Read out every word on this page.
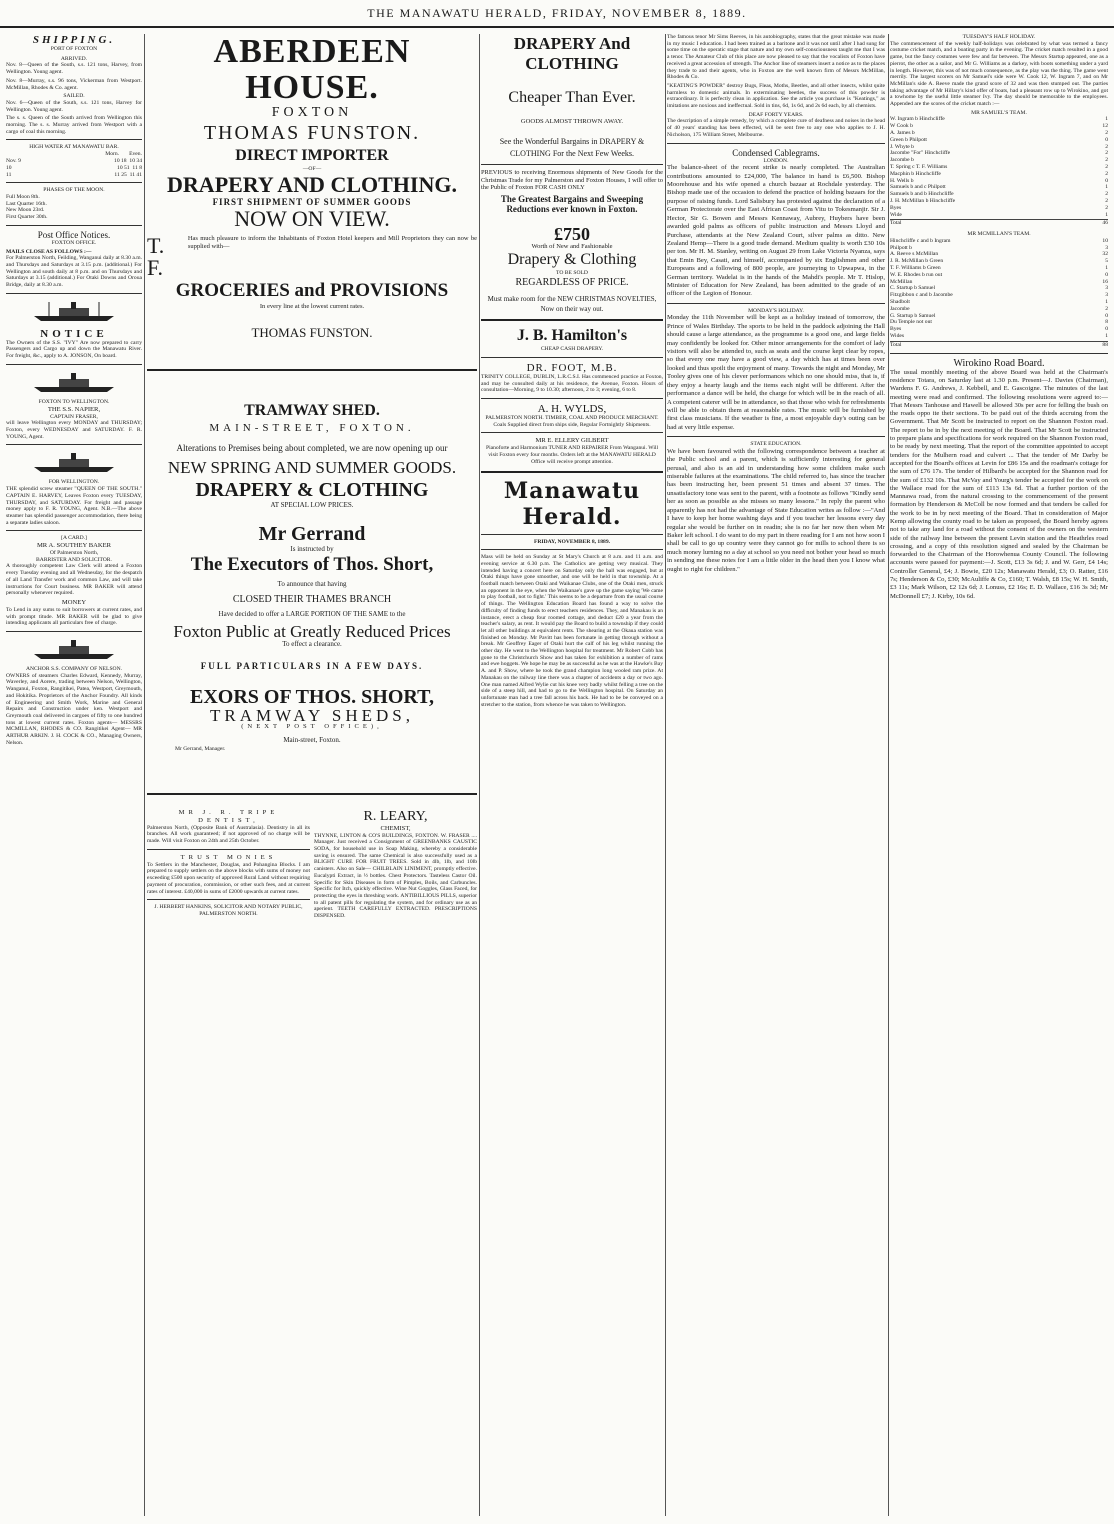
THE MANAWATU HERALD, FRIDAY, NOVEMBER 8, 1889.
SHIPPING.
PORT OF FOXTON
ARRIVED.

Nov. 8—Queen of the South, s.s. 121 tons, Harvey, from Wellington. Young agent.

Nov. 8—Murray, s.s. 96 tons, Vickerman from Westport. McMillan, Rhodes & Co. agent.

SAILED.

Nov. 6—Queen of the South, s.s. 121 tons, Harvey for Wellington. Young agent.

The s. s. Queen of the South arrived from Wellington this morning. The s. s. Murray arrived from Westport with a cargo of coal this morning.

HIGH WATER AT MANAWATU BAR.
Morn. Even.
Nov. 9	10 18 10 34
10	10 51 11 8
11	11 25 11 41
PHASES OF THE MOON.
Full Moon 8th.
Last Quarter 16th.
New Moon 23rd.
First Quarter 30th.
Post Office Notices.
FOXTON OFFICE.
MAILS CLOSE AS FOLLOWS :—

For Palmerston North, Feilding, Wanganui daily at 8.30 a.m. and Thursdays and Saturdays at 3.15 p.m. (additional.) For Wellington and south daily at 8 p.m. and on Thursdays and Saturdays at 3.15 (additional.) For Otaki Downs and Oroua Bridge, daily at 8.30 a.m.

NOTICE

The Owners of the S.S. "IVY" Are now prepared to carry Passengers and Cargo up and down the Manawatu River. For freight, &c., apply to A. JONSON, On board.

FOXTON TO WELLINGTON.
THE S.S. NAPIER,
CAPTAIN FRASER,

will leave Wellington every MONDAY and THURSDAY; Foxton, every WEDNESDAY and SATURDAY. F. R. YOUNG, Agent.

FOR WELLINGTON.

THE splendid screw steamer "QUEEN OF THE SOUTH." CAPTAIN E. HARVEY, Leaves Foxton every TUESDAY, THURSDAY, and SATURDAY. For freight and passage money apply to F. R. YOUNG, Agent. N.B.—The above steamer has splendid passenger accommodation, there being a separate ladies saloon.

[A CARD.]
MR A. SOUTHEY BAKER
Of Palmerston North,
BARRISTER AND SOLICITOR.

A thoroughly competent Law Clerk will attend a Foxton every Tuesday evening and all Wednesday, for the despatch of all Land Transfer work and common Law, and will take instructions for Court business. MR BAKER will attend personally whenever required.

MONEY

To Lend in any sums to suit borrowers at current rates, and with prompt titude. MR BAKER will be glad to give intending applicants all particulars free of charge.

ANCHOR S.S. COMPANY OF NELSON.

OWNERS of steamers Charles Edward, Kennedy, Murray, Waverley, and Aorere, trading between Nelson, Wellington, Wanganui, Foxton, Rangitikei, Patea, Westport, Greymouth, and Hokitika. Proprietors of the Anchor Foundry. All kinds of Engineering and Smith Work, Marine and General Repairs and Construction under ken. Westport and Greymouth coal delivered in cargoes of fifty to one hundred tons at lowest current rates. Foxton agents— MESSRS MCMILLAN, RHODES & CO. Rangitikei Agent— MR ARTHUR ARKIN. J. H. COCK & CO., Managing Owners, Nelson.

ABERDEEN HOUSE.
FOXTON
THOMAS FUNSTON.
DIRECT IMPORTER
—OF—
DRAPERY AND CLOTHING.
FIRST SHIPMENT OF SUMMER GOODS
NOW ON VIEW.
T. F.

Has much pleasure to inform the Inhabitants of Foxton Hotel keepers and Mill Proprietors they can now be supplied with—

GROCERIES and PROVISIONS
In every line at the lowest current rates.
THOMAS FUNSTON.
TRAMWAY SHED.
MAIN-STREET, FOXTON.
Alterations to Premises being about completed, we are now opening up our
NEW SPRING AND SUMMER GOODS.
DRAPERY & CLOTHING
AT SPECIAL LOW PRICES.
Mr Gerrand
Is instructed by
The Executors of Thos. Short,
To announce that having
CLOSED THEIR THAMES BRANCH
Have decided to offer a LARGE PORTION OF THE SAME to the
Foxton Public at Greatly Reduced Prices
To effect a clearance.
FULL PARTICULARS IN A FEW DAYS.
EXORS OF THOS. SHORT,
TRAMWAY SHEDS,
(NEXT POST OFFICE),
Main-street, Foxton.
Mr Gerrand, Manager.
MR J. R. TRIPE
DENTIST,

Palmerston North, (Opposite Bank of Australasia). Dentistry in all its branches. All work guaranteed; if not approved of no charge will be made. Will visit Foxton on 24th and 25th October.

TRUST MONIES

To Settlers in the Manchester, Douglas, and Pohangina Blocks. I am prepared to supply settlers on the above blocks with sums of money not exceeding £500 upon security of approved Rural Land without requiring payment of procuration, commission, or other such fees, and at current rates of interest. £40,000 in sums of £2000 upwards at current rates.

J. HERBERT HANKINS, SOLICITOR AND NOTARY PUBLIC, PALMERSTON NORTH.

R. LEARY,
CHEMIST,

THYNNE, LINTON & CO'S BUILDINGS, FOXTON. W. FRASER .... Manager. Just received a Consignment of GREENBANKS CAUSTIC SODA, for household use in Soap Making, whereby a considerable saving is ensured. The same Chemical is also successfully used as a BLIGHT CURE FOR FRUIT TREES. Sold in 4lb, 1lb, and 10lb canisters. Also on Sale— CHILBLAIN LINIMENT, promptly effective. Eucalypti Extract, in ½ bottles. Chest Protectors. Tasteless Castor Oil. Specific for Skin Diseases in form of Pimples, Boils, and Carbuncles. Specific for Itch, quickly effective. Wine Nut Goggles, Glass Faced, for protecting the eyes in threshing work. ANTIBILLIOUS PILLS, superior to all patent pills for regulating the system, and for ordinary use as an aperient. TEETH CAREFULLY EXTRACTED. PRESCRIPTIONS DISPENSED.

DRAPERY And CLOTHING
Cheaper Than Ever.
GOODS ALMOST THROWN AWAY.
See the Wonderful Bargains in DRAPERY & CLOTHING For the Next Few Weeks.

PREVIOUS to receiving Enormous shipments of New Goods for the Christmas Trade for my Palmerston and Foxton Houses, I will offer to the Public of Foxton FOR CASH ONLY

The Greatest Bargains and Sweeping Reductions ever known in Foxton.
£750
Worth of New and Fashionable
Drapery & Clothing
TO BE SOLD
REGARDLESS OF PRICE.
Must make room for the NEW CHRISTMAS NOVELTIES, Now on their way out.
J. B. Hamilton's
CHEAP CASH DRAPERY.
DR. FOOT, M.B.

TRINITY COLLEGE, DUBLIN, L.R.C.S.I. Has commenced practice at Foxton, and may be consulted daily at his residence, the Avenue, Foxton. Hours of consultation—Morning, 9 to 10.30; afternoon, 2 to 3; evening, 6 to 8.

A. H. WYLDS,

PALMERSTON NORTH. TIMBER, COAL AND PRODUCE MERCHANT. Coals Supplied direct from ships side, Regular Fortnightly Shipments.

MR E. ELLERY GILBERT

Pianoforte and Harmonium TUNER AND REPAIRER From Wanganui. Will visit Foxton every four months. Orders left at the MANAWATU HERALD Office will receive prompt attention.

Manawatu Herald.
FRIDAY, NOVEMBER 8, 1889.

Mass will be held on Sunday at St Mary's Church at 8 a.m. and 11 a.m. and evening service at 6.30 p.m. The Catholics are getting very musical. They intended having a concert here on Saturday only the hall was engaged, but at Otaki things have gone smoother, and one will be held in that township. At a football match between Otaki and Waikanae Clubs, one of the Otaki men, struck an opponent in the eye, when the Waikanae's gave up the game saying 'We came to play football, not to fight.' This seems to be a departure from the usual course of things. The Wellington Education Board has found a way to solve the difficulty of finding funds to erect teachers residences. They, and Manakau is an instance, erect a cheap four roomed cottage, and deduct £20 a year from the teacher's salary, as rent. It would pay the Board to build a township if they could let all other buildings at equivalent rents. The shearing at the Okaua station was finished on Monday. Mr Pavitt has been fortunate in getting through without a break. Mr Geoffrey Eager of Otaki hurt the calf of his leg whilst running the other day. He went to the Wellington hospital for treatment. Mr Robert Cobb has gone to the Christchurch Show and has taken for exhibition a number of rams and ewe hoggets. We hope he may be as successful as he was at the Hawke's Bay A. and P. Show, where he took the grand champion long wooled ram prize. At Manakau on the railway line there was a chapter of accidents a day or two ago. One man named Alfred Wylie cut his knee very badly whilst felling a tree on the side of a steep hill, and had to go to the Wellington hospital. On Saturday an unfortunate man had a tree fall across his back. He had to be be conveyed on a stretcher to the station, from whence he was taken to Wellington.

The famous tenor Mr Sims Reeves, in his autobiography, states that the great mistake was made in my music I education. I had been trained as a baritone and it was not until after I had sung for some time on the operatic stage that nature and my own self-consciousness taught me that I was a tenor. The Amateur Club of this place are now pleased to say that the vocalists of Foxton have received a great accession of strength. The Anchor line of steamers insert a notice as to the places they trade to and their agents, who in Foxton are the well known firm of Messrs McMillan, Rhodes & Co.

"KEATING'S POWDER" destroy Bugs, Fleas, Moths, Beetles, and all other insects, whilst quite harmless to domestic animals. In exterminating beetles, the success of this powder is extraordinary. It is perfectly clean in application. See the article you purchase is "Keatings," as imitations are noxious and ineffectual. Sold in tins, 6d, 1s 6d, and 2s 6d each, by all chemists.

DEAF FORTY YEARS.

The description of a simple remedy, by which a complete cure of deafness and noises in the head of 40 years' standing has been effected, will be sent free to any one who applies to J. H. Nicholson, 175 William Street, Melbourne.

Condensed Cablegrams.
LONDON.

The balance-sheet of the recent strike is nearly completed. The Australian contributions amounted to £24,000, The balance in hand is £6,500. Bishop Moorehouse and his wife opened a church bazaar at Rochdale yesterday. The Bishop made use of the occasion to defend the practice of holding bazaars for the purpose of raising funds. Lord Salisbury has protested against the declaration of a German Protectorate over the East African Coast from Vitu to Tokesmanjir. Sir J. Hector, Sir G. Bowen and Messrs Kennaway, Aubrey, Huybers have been awarded gold palms as officers of public instruction and Messrs Lloyd and Purchase, attendants at the New Zealand Court, silver palms as ditto. New Zealand Hemp—There is a good trade demand. Medium quality is worth £30 10s per ton. Mr H. M. Stanley, writing on August 29 from Lake Victoria Nyanza, says that Emin Bey, Casati, and himself, accompanied by six Englishmen and other Europeans and a following of 800 people, are journeying to Upwapwa, in the German territory. Wadelai is in the hands of the Mahdi's people. Mr T. Hislop, Minister of Education for New Zealand, has been admitted to the grade of an officer of the Legion of Honour.

MONDAY'S HOLIDAY.

Monday the 11th November will be kept as a holiday instead of tomorrow, the Prince of Wales Birthday. The sports to be held in the paddock adjoining the Hall should cause a large attendance, as the programme is a good one, and large fields may confidently be looked for. Other minor arrangements for the comfort of lady visitors will also be attended to, such as seats and the course kept clear by ropes, so that every one may have a good view, a day which has at times been over looked and thus spoilt the enjoyment of many. Towards the night and Monday, Mr Tooley gives one of his clever performances which no one should miss, that is, if they enjoy a hearty laugh and the items each night will be different. After the performance a dance will be held, the charge for which will be in the reach of all. A competent caterer will be in attendance, so that those who wish for refreshments will be able to obtain them at reasonable rates. The music will be furnished by first class musicians. If the weather is fine, a most enjoyable day's outing can be had at very little expense.

STATE EDUCATION.

We have been favoured with the following correspondence between a teacher at the Public school and a parent, which is sufficiently interesting for general perusal, and also is an aid in understanding how some children make such miserable failures at the examinations. The child referred to, has since the teacher has been instructing her, been present 51 times and absent 37 times. The unsatisfactory tone was sent to the parent, with a footnote as follows "Kindly send her as soon as possible as she misses so many lessons." In reply the parent who apparently has not had the advantage of State Education writes as follow :—"And I have to keep her home washing days and if you teacher her lessons every day regular she would be further on in readin; she is no far her now then when Mr Baker left school. I do want to do my part in there reading for I am not how soon I shall be call to go up country were they cannot go for mills to school there is so much money lurning no a day at school so you need not bother your head so much in sending me these notes for I am a little older in the head then you I know what ought to right for children."

TUESDAY'S HALF HOLIDAY.

The commencement of the weekly half-holidays was celebrated by what was termed a fancy costume cricket match, and a boating party in the evening. The cricket match resulted in a good game, but the fancy costumes were few and far between. The Messrs Startup appeared, one as a pierrot, the other as a sailor, and Mr G. Williams as a darkey, with boots something under a yard in length. However, this was of not much consequence, as the play was the thing. The game went merrily. The largest scorers on Mr Samuel's side were W. Cook 12, W. Ingram 7, and on Mr McMillan's side A. Reeve made the grand score of 32 and was then stumped out. The parties taking advantage of Mr Hillary's kind offer of boats, had a pleasant row up to Wirokino, and got a towhome by the useful little steamer Ivy. The day should be memorable to the employees. Appended are the scores of the cricket match :—

MR SAMUEL'S TEAM.
W. Ingram b Hinchcliffe	1
W Cook b	12
A. James b	2
Green b Philpott	0
J. Whyte b	2
Jacombe "For" Hinchcliffe	2
Jacombe b	2
T. Spring c T. F. Williams	2
Macphin b Hinchcliffe	2
H. Wells b	0
Samuels b and c Philpott	1
Samuels b and b Hinchcliffe	2
J. H. McMillan b Hinchcliffe	2
Byes	2
Wide	1
Total	46
MR MCMILLAN'S TEAM.
Hinchcliffe c and b Ingram	10
Philpott b	3
A. Reeve s McMillan	32
J. R. McMillan b Green	5
T. F. Williams b Green	1
W. E. Rhodes b run out	0
McMillan	16
C. Startup b Samuel	3
Fitzgibbon c and b Jacombe	3
Shadbolt	1
Jacombe	2
G. Startup b Samuel	0
Du Temple not out	8
Byes	0
Wides	1
Total	88
Wirokino Road Board.

The usual monthly meeting of the above Board was held at the Chairman's residence Totara, on Saturday last at 1.30 p.m. Present—J. Davies (Chairman), Wardens F. G. Andrews, J. Kebbell, and E. Gascoigne. The minutes of the last meeting were read and confirmed. The following resolutions were agreed to:— That Messrs Tanhouse and Hawell be allowed 30s per acre for felling the bush on the roads oppo ite their sections. To be paid out of the thirds accruing from the Government. That Mr Scott be instructed to report on the Shannon Foxton road. The report to be in by the next meeting of the Board. That Mr Scott be instructed to prepare plans and specifications for work required on the Shannon Foxton road, to be ready by next meeting. That the report of the committee appointed to accept tenders for the Mulhern road and culvert ... That the tender of Mr Darby be accepted for the Board's offices at Levin for £86 15s and the roadman's cottage for the sum of £76 17s. The tender of Hilbard's be accepted for the Shannon road for the sum of £132 10s. That McVay and Yourg's tender be accepted for the work on the Wallace road for the sum of £113 13s 6d. That a further portion of the Mannawa road, from the natural crossing to the commencement of the present formation by Henderson & McColl be now formed and that tenders be called for the work to be in by next meeting of the Board. That in consideration of Major Kemp allowing the county road to be taken as proposed, the Board hereby agrees not to take any land for a road without the consent of the owners on the western side of the railway line between the present Levin station and the Heathrles road crossing, and a copy of this resolution signed and sealed by the Chairman be forwarded to the Chairman of the Horowhenua County Council. The following accounts were passed for payment:—J. Scott, £13 3s 6d; J. and W. Gerr, £4 14s; Controller General, £4; J. Bowie, £20 12s; Manawatu Herald, £3; O. Ratter, £16 7s; Henderson & Co, £30; McAuliffe & Co, £160; T. Walsh, £8 15s; W. H. Smith, £3 11s; Mark Wilson, £2 12s 6d; J. Lonuss, £2 16s; E. D. Wallace, £16 3s 3d; Mr McDonnell £7; J. Kirby, 10s 6d.
